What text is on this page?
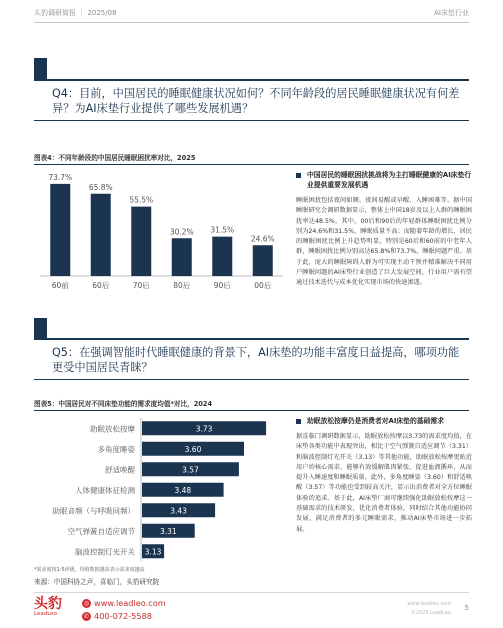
头豹调研简报 ｜ 2025/08	AI床垫行业
Q4：目前，中国居民的睡眠健康状况如何？不同年龄段的居民睡眠健康状况有何差异？为AI床垫行业提供了哪些发展机遇？
图表4：不同年龄段的中国居民睡眠困扰率对比，2025
73.7%
60前
65.8%
60后
55.5%
70后
30.2%
80后
31.5%
90后
24.6%
00后
中国居民的睡眠困扰挑战将为主打睡眠健康的AI床垫行业提供重要发展机遇
睡眠困扰包括夜间如厕、夜间易醒或早醒、入睡困难等。据中国睡眠研究会调研数据显示，整体上中国18岁及以上人群的睡眠困扰率达48.5%，其中，00后和90后的年轻群体睡眠困扰比例分别为24.6%和31.5%，睡眠质量不高；而随着年龄的增长，居民的睡眠困扰比例上升趋势明显，特别是60后和60前的中老年人群，睡眠困扰比例分别高达65.8%和73.7%，睡眠问题严重。基于此，庞大的睡眠障碍人群为可实现主动干预并精准解决不同用户睡眠问题的AI床垫行业创造了巨大发展空间，行业用户需有望通过技术迭代与成本优化实现市场的快速渗透。
Q5：在强调智能时代睡眠健康的背景下，AI床垫的功能丰富度日益提高，哪项功能更受中国居民青睐？
图表5：中国居民对不同床垫功能的需求度均值*对比，2024
3.73
助眠放松按摩
3.60
多角度睡姿
3.57
舒适唤醒
3.48
人体健康体征检测
3.43
助眠音频（与呼吸同频）
3.31
空气弹簧自适应调节
3.13
脑波控制灯光开关
助眠放松按摩仍是消费者对AI床垫的基础需求
据喜临门调研数据显示，助眠放松按摩以3.73的需求度均值，在床垫各类功能中表现突出，相比于空气弹簧自适应调节（3.31）和脑波控制灯光开关（3.13）等其他功能，助眠放松按摩更贴近用户的核心需求，能够有效缓解肌肉紧张、促进血液循环，从而提升入睡速度和睡眠质量。此外，多角度睡姿（3.60）和舒适唤醒（3.57）等功能也受到较高关注，显示出消费者对全方位睡眠体验的追求。基于此，AI床垫厂商可继续强化助眠放松按摩这一基础需求的技术研发，优化消费者体验，同时结合其他功能协同发展，满足消费者的多元睡眠需求，推动AI床垫市场进一步拓展。
*需求度按1-5评级，均值数据越高表示需求度越高
来源：中国科协之声，喜临门，头豹研究院
头豹
LeadLeo
◎ www.leadleo.com
✆ 400-072-5588
www.leadleo.com
©2025 LeadLeo
5
